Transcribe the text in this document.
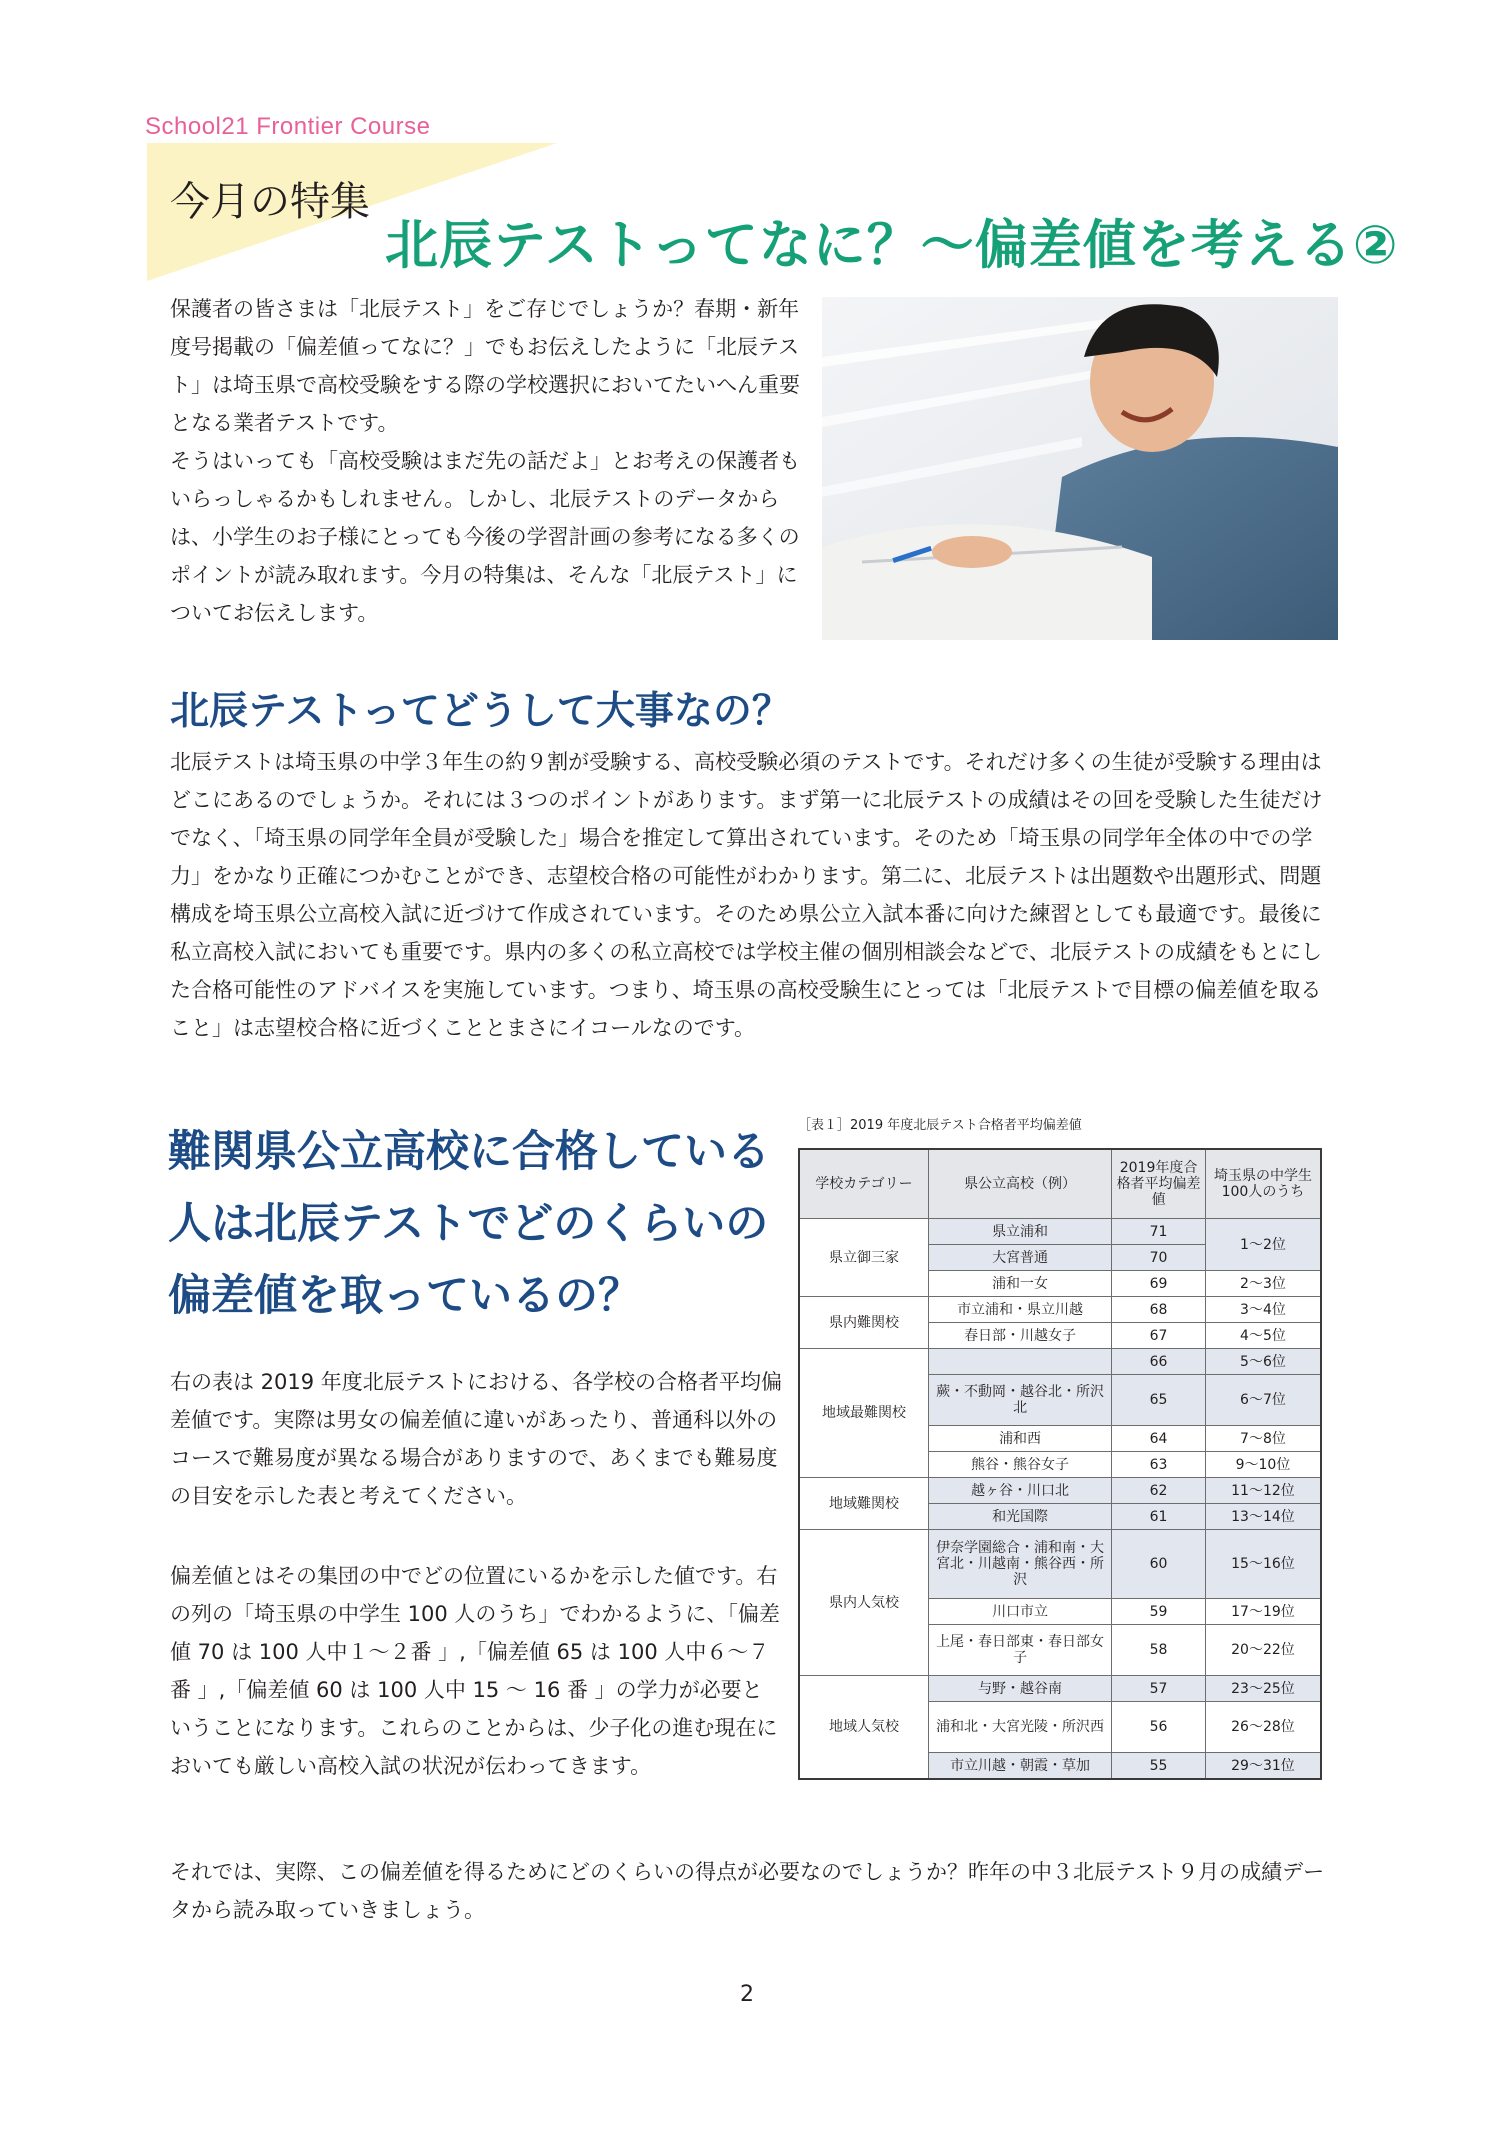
School21 Frontier Course
今月の特集
北辰テストってなに？～偏差値を考える②

保護者の皆さまは「北辰テスト」をご存じでしょうか？春期・新年度号掲載の「偏差値ってなに？」でもお伝えしたように「北辰テスト」は埼玉県で高校受験をする際の学校選択においてたいへん重要となる業者テストです。

そうはいっても「高校受験はまだ先の話だよ」とお考えの保護者もいらっしゃるかもしれません。しかし、北辰テストのデータからは、小学生のお子様にとっても今後の学習計画の参考になる多くのポイントが読み取れます。今月の特集は、そんな「北辰テスト」についてお伝えします。

北辰テストってどうして大事なの？

北辰テストは埼玉県の中学３年生の約９割が受験する、高校受験必須のテストです。それだけ多くの生徒が受験する理由はどこにあるのでしょうか。それには３つのポイントがあります。まず第一に北辰テストの成績はその回を受験した生徒だけでなく、「埼玉県の同学年全員が受験した」場合を推定して算出されています。そのため「埼玉県の同学年全体の中での学力」をかなり正確につかむことができ、志望校合格の可能性がわかります。第二に、北辰テストは出題数や出題形式、問題構成を埼玉県公立高校入試に近づけて作成されています。そのため県公立入試本番に向けた練習としても最適です。最後に私立高校入試においても重要です。県内の多くの私立高校では学校主催の個別相談会などで、北辰テストの成績をもとにした合格可能性のアドバイスを実施しています。つまり、埼玉県の高校受験生にとっては「北辰テストで目標の偏差値を取ること」は志望校合格に近づくこととまさにイコールなのです。

難関県公立高校に合格している人は北辰テストでどのくらいの偏差値を取っているの？

右の表は 2019 年度北辰テストにおける、各学校の合格者平均偏差値です。実際は男女の偏差値に違いがあったり、普通科以外のコースで難易度が異なる場合がありますので、あくまでも難易度の目安を示した表と考えてください。

偏差値とはその集団の中でどの位置にいるかを示した値です。右の列の「埼玉県の中学生 100 人のうち」でわかるように、「偏差値 70 は 100 人中１～２番 」,「偏差値 65 は 100 人中６～７番 」,「偏差値 60 は 100 人中 15 ～ 16 番 」の学力が必要ということになります。これらのことからは、少子化の進む現在においても厳しい高校入試の状況が伝わってきます。

［表１］2019 年度北辰テスト合格者平均偏差値
学校カテゴリー	県公立高校（例）	2019年度合格者平均偏差値	埼玉県の中学生100人のうち
県立御三家	県立浦和	71	1～2位
	大宮普通	70	
	浦和一女	69	2～3位
県内難関校	市立浦和・県立川越	68	3～4位
	春日部・川越女子	67	4～5位
地域最難関校		66	5～6位
	蕨・不動岡・越谷北・所沢北	65	6～7位
	浦和西	64	7～8位
	熊谷・熊谷女子	63	9～10位
地域難関校	越ヶ谷・川口北	62	11～12位
	和光国際	61	13～14位
県内人気校	伊奈学園総合・浦和南・大宮北・川越南・熊谷西・所沢	60	15～16位
	川口市立	59	17～19位
	上尾・春日部東・春日部女子	58	20～22位
地域人気校	与野・越谷南	57	23～25位
	浦和北・大宮光陵・所沢西	56	26～28位
	市立川越・朝霞・草加	55	29～31位

それでは、実際、この偏差値を得るためにどのくらいの得点が必要なのでしょうか？昨年の中３北辰テスト９月の成績データから読み取っていきましょう。

2
